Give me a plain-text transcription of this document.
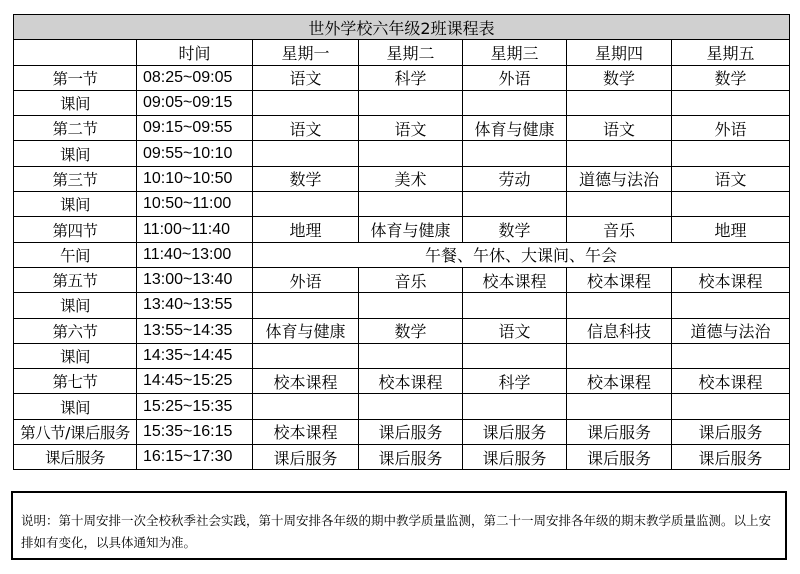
世外学校六年级2班课程表						
	时间	星期一	星期二	星期三	星期四	星期五
第一节	08:25~09:05	语文	科学	外语	数学	数学
课间	09:05~09:15					
第二节	09:15~09:55	语文	语文	体育与健康	语文	外语
课间	09:55~10:10					
第三节	10:10~10:50	数学	美术	劳动	道德与法治	语文
课间	10:50~11:00					
第四节	11:00~11:40	地理	体育与健康	数学	音乐	地理
午间	11:40~13:00	午餐、午休、大课间、午会				
第五节	13:00~13:40	外语	音乐	校本课程	校本课程	校本课程
课间	13:40~13:55					
第六节	13:55~14:35	体育与健康	数学	语文	信息科技	道德与法治
课间	14:35~14:45					
第七节	14:45~15:25	校本课程	校本课程	科学	校本课程	校本课程
课间	15:25~15:35					
第八节/课后服务	15:35~16:15	校本课程	课后服务	课后服务	课后服务	课后服务
课后服务	16:15~17:30	课后服务	课后服务	课后服务	课后服务	课后服务
说明：第十周安排一次全校秋季社会实践，第十周安排各年级的期中教学质量监测，第二十一周安排各年级的期末教学质量监测。以上安排如有变化，以具体通知为准。
